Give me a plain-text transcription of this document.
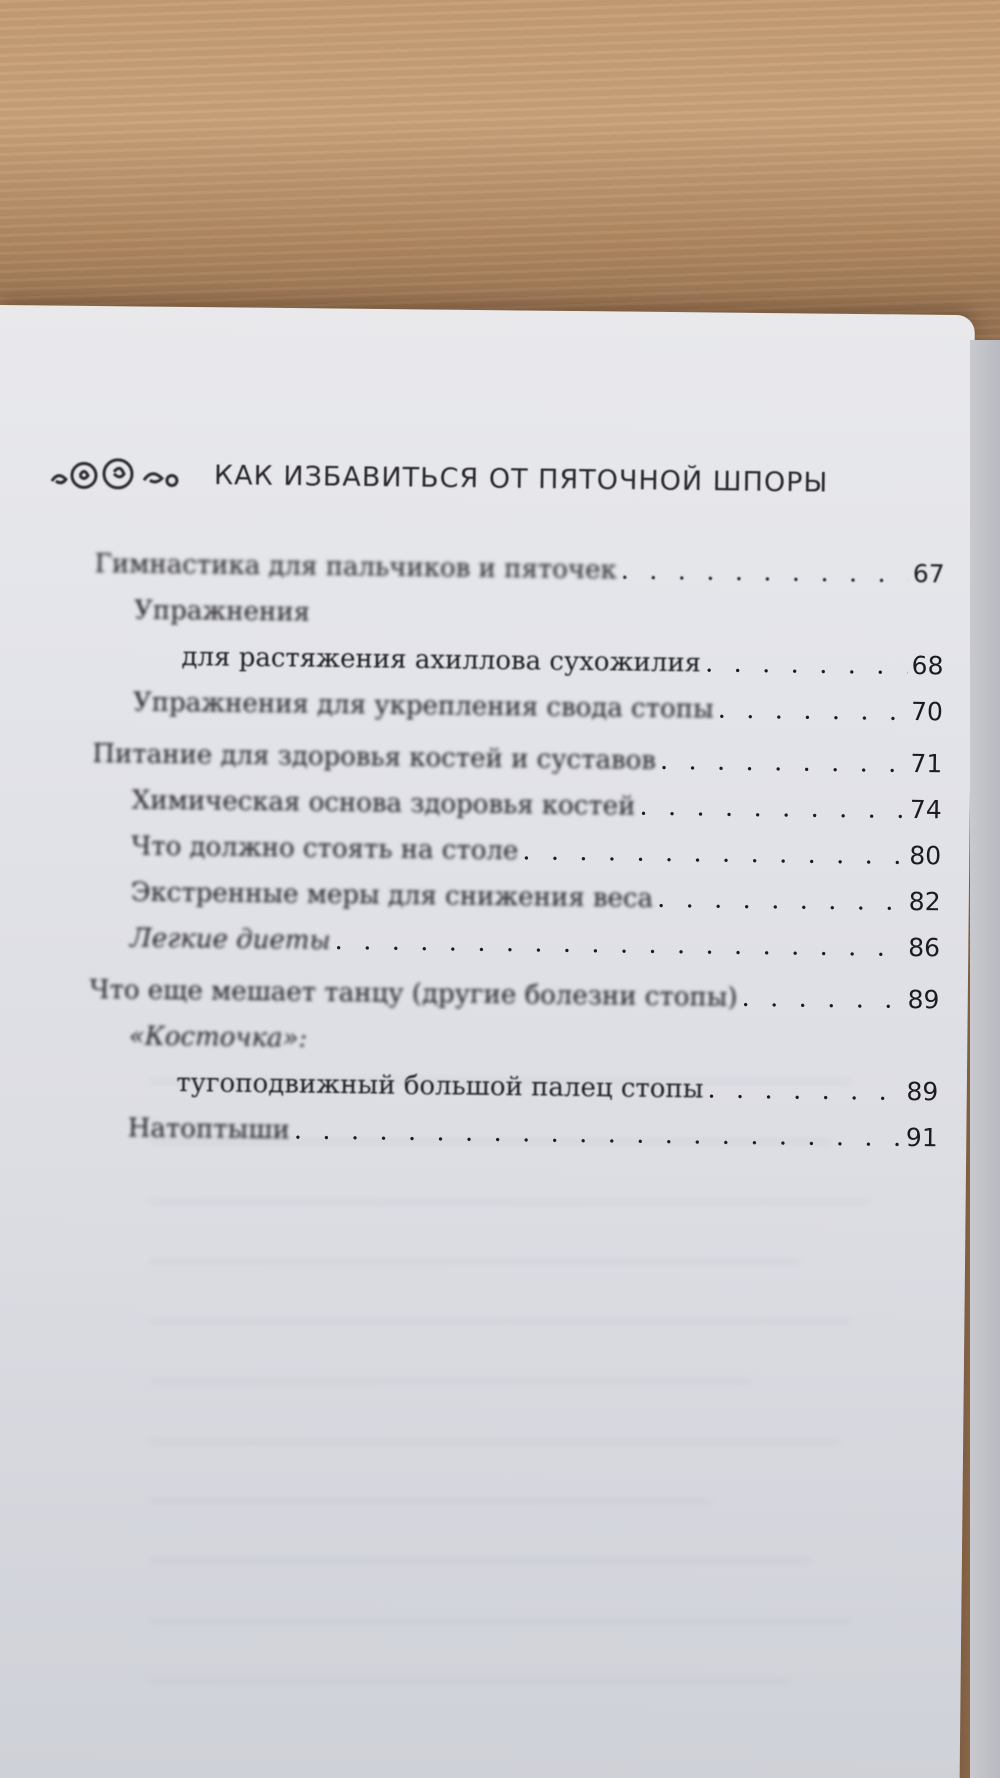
КАК ИЗБАВИТЬСЯ ОТ ПЯТОЧНОЙ ШПОРЫ
Гимнастика для пальчиков и пяточек . . .	67
Упражнения
для растяжения ахиллова сухожилия . . .	68
Упражнения для укрепления свода стопы . . .	70
Питание для здоровья костей и суставов . . .	71
Химическая основа здоровья костей . . .	74
Что должно стоять на столе . . .	80
Экстренные меры для снижения веса . . .	82
Легкие диеты . . .	86
Что еще мешает танцу (другие болезни стопы) . . .	89
«Косточка»:
тугоподвижный большой палец стопы . . .	89
Натоптыши . . .	91
